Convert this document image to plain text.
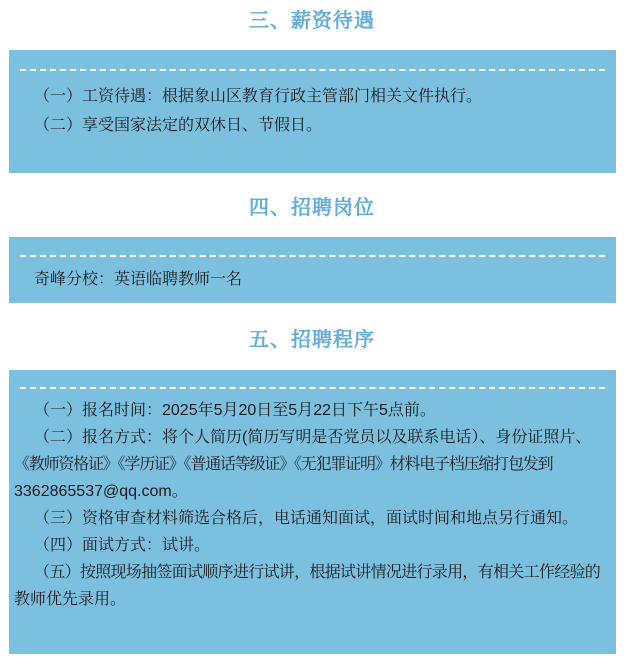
三、薪资待遇

（一）工资待遇：根据象山区教育行政主管部门相关文件执行。

（二）享受国家法定的双休日、节假日。

四、招聘岗位

奇峰分校：英语临聘教师一名

五、招聘程序

（一）报名时间：2025年5月20日至5月22日下午5点前。

（二）报名方式：将个人简历(简历写明是否党员以及联系电话）、身份证照片、

《教师资格证》《学历证》《普通话等级证》《无犯罪证明》材料电子档压缩打包发到

3362865537@qq.com。

（三）资格审查材料筛选合格后，电话通知面试，面试时间和地点另行通知。

（四）面试方式：试讲。

（五）按照现场抽签面试顺序进行试讲，根据试讲情况进行录用，有相关工作经验的

教师优先录用。
